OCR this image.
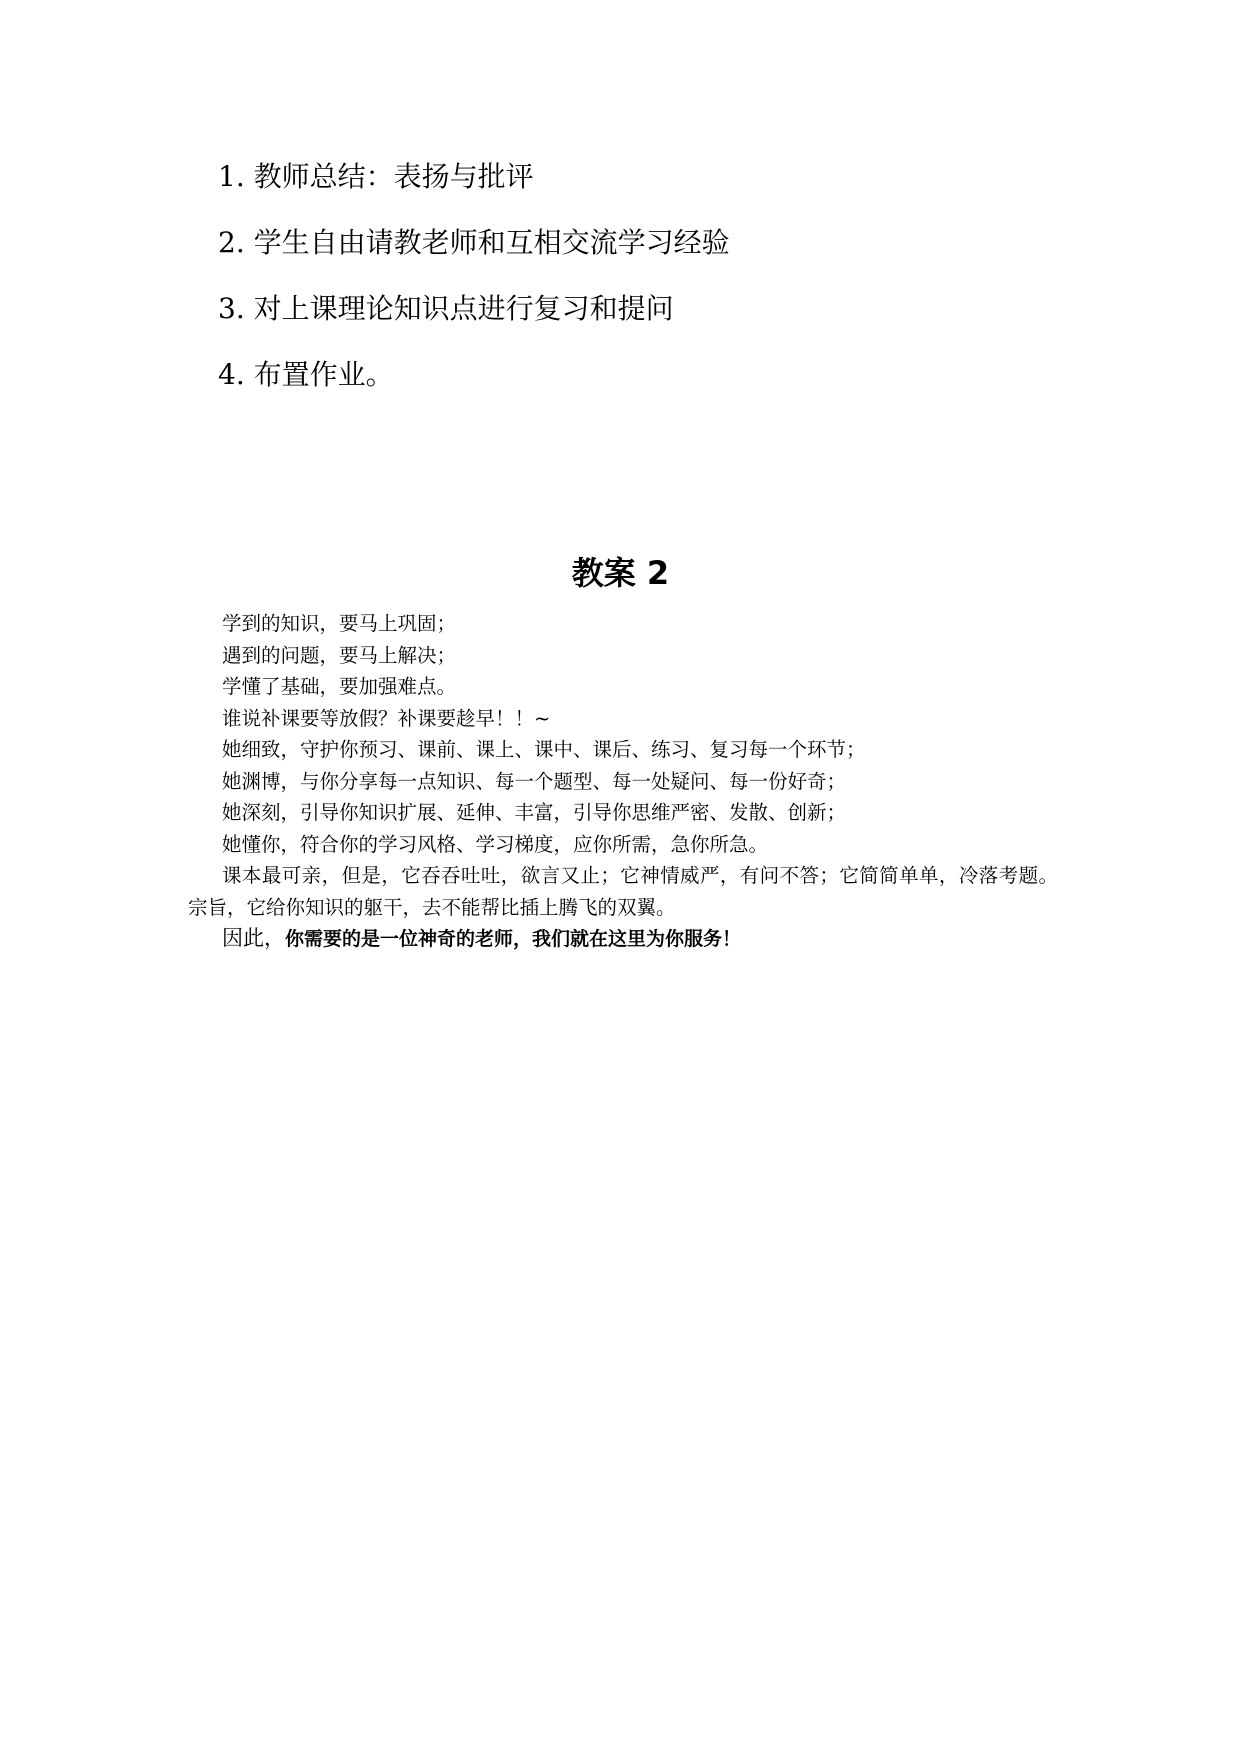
1. 教师总结：表扬与批评
2. 学生自由请教老师和互相交流学习经验
3. 对上课理论知识点进行复习和提问
4. 布置作业。
教案 2

学到的知识，要马上巩固；

遇到的问题，要马上解决；

学懂了基础，要加强难点。

谁说补课要等放假？补课要趁早！！~

她细致，守护你预习、课前、课上、课中、课后、练习、复习每一个环节；

她渊博，与你分享每一点知识、每一个题型、每一处疑问、每一份好奇；

她深刻，引导你知识扩展、延伸、丰富，引导你思维严密、发散、创新；

她懂你，符合你的学习风格、学习梯度，应你所需，急你所急。

课本最可亲，但是，它吞吞吐吐，欲言又止；它神情威严，有问不答；它简简单单，冷落考题。宗旨，它给你知识的躯干，去不能帮比插上腾飞的双翼。

因此，你需要的是一位神奇的老师，我们就在这里为你服务！
